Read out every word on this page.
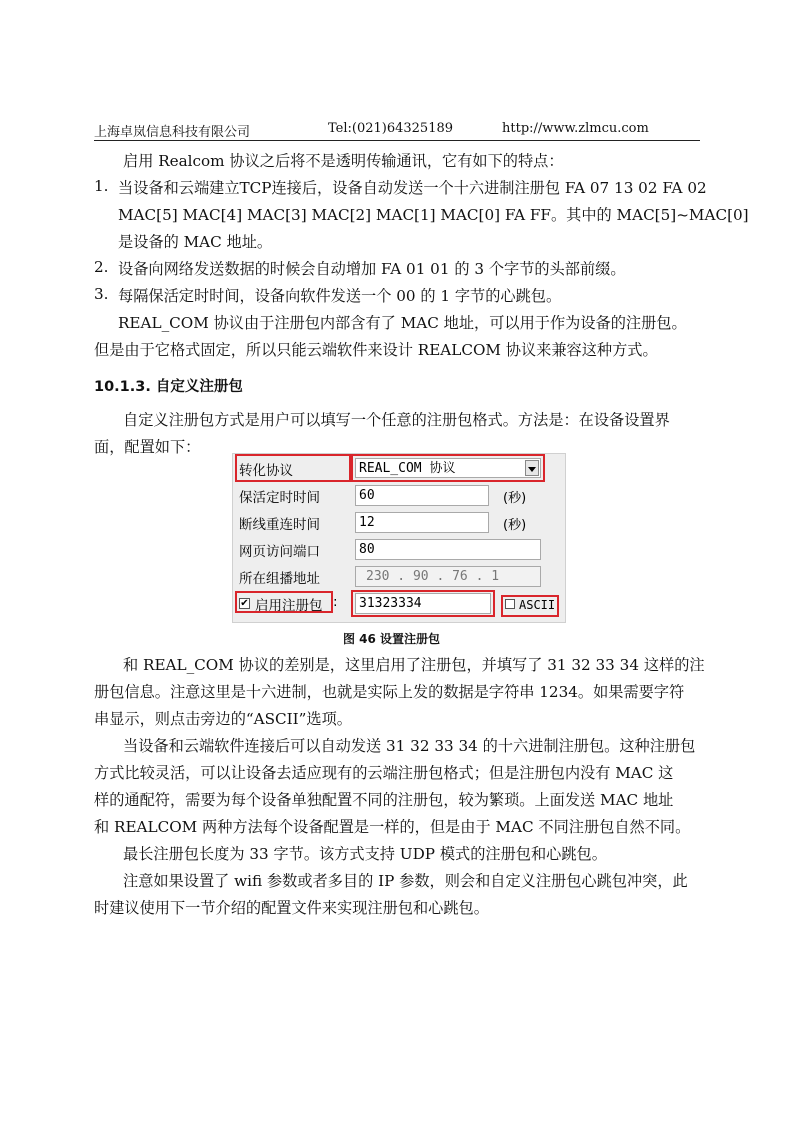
上海卓岚信息科技有限公司	Tel:(021)64325189	http://www.zlmcu.com
启用 Realcom 协议之后将不是透明传输通讯，它有如下的特点：
1. 当设备和云端建立TCP连接后，设备自动发送一个十六进制注册包 FA 07 13 02 FA 02
MAC[5] MAC[4] MAC[3] MAC[2] MAC[1] MAC[0] FA FF。其中的 MAC[5]~MAC[0]
是设备的 MAC 地址。
2. 设备向网络发送数据的时候会自动增加 FA 01 01 的 3 个字节的头部前缀。
3. 每隔保活定时时间，设备向软件发送一个 00 的 1 字节的心跳包。
REAL_COM 协议由于注册包内部含有了 MAC 地址，可以用于作为设备的注册包。
但是由于它格式固定，所以只能云端软件来设计 REALCOM 协议来兼容这种方式。
10.1.3. 自定义注册包
自定义注册包方式是用户可以填写一个任意的注册包格式。方法是：在设备设置界
面，配置如下：
转化协议	REAL_COM 协议
保活定时时间	60	(秒)
断线重连时间	12	(秒)
网页访问端口	80
所在组播地址	230 . 90 . 76 . 1
✔ 启用注册包 :	31323334	ASCII
图 46 设置注册包
和 REAL_COM 协议的差别是，这里启用了注册包，并填写了 31 32 33 34 这样的注
册包信息。注意这里是十六进制，也就是实际上发的数据是字符串 1234。如果需要字符
串显示，则点击旁边的“ASCII”选项。
当设备和云端软件连接后可以自动发送 31 32 33 34 的十六进制注册包。这种注册包
方式比较灵活，可以让设备去适应现有的云端注册包格式；但是注册包内没有 MAC 这
样的通配符，需要为每个设备单独配置不同的注册包，较为繁琐。上面发送 MAC 地址
和 REALCOM 两种方法每个设备配置是一样的，但是由于 MAC 不同注册包自然不同。
最长注册包长度为 33 字节。该方式支持 UDP 模式的注册包和心跳包。
注意如果设置了 wifi 参数或者多目的 IP 参数，则会和自定义注册包心跳包冲突，此
时建议使用下一节介绍的配置文件来实现注册包和心跳包。
